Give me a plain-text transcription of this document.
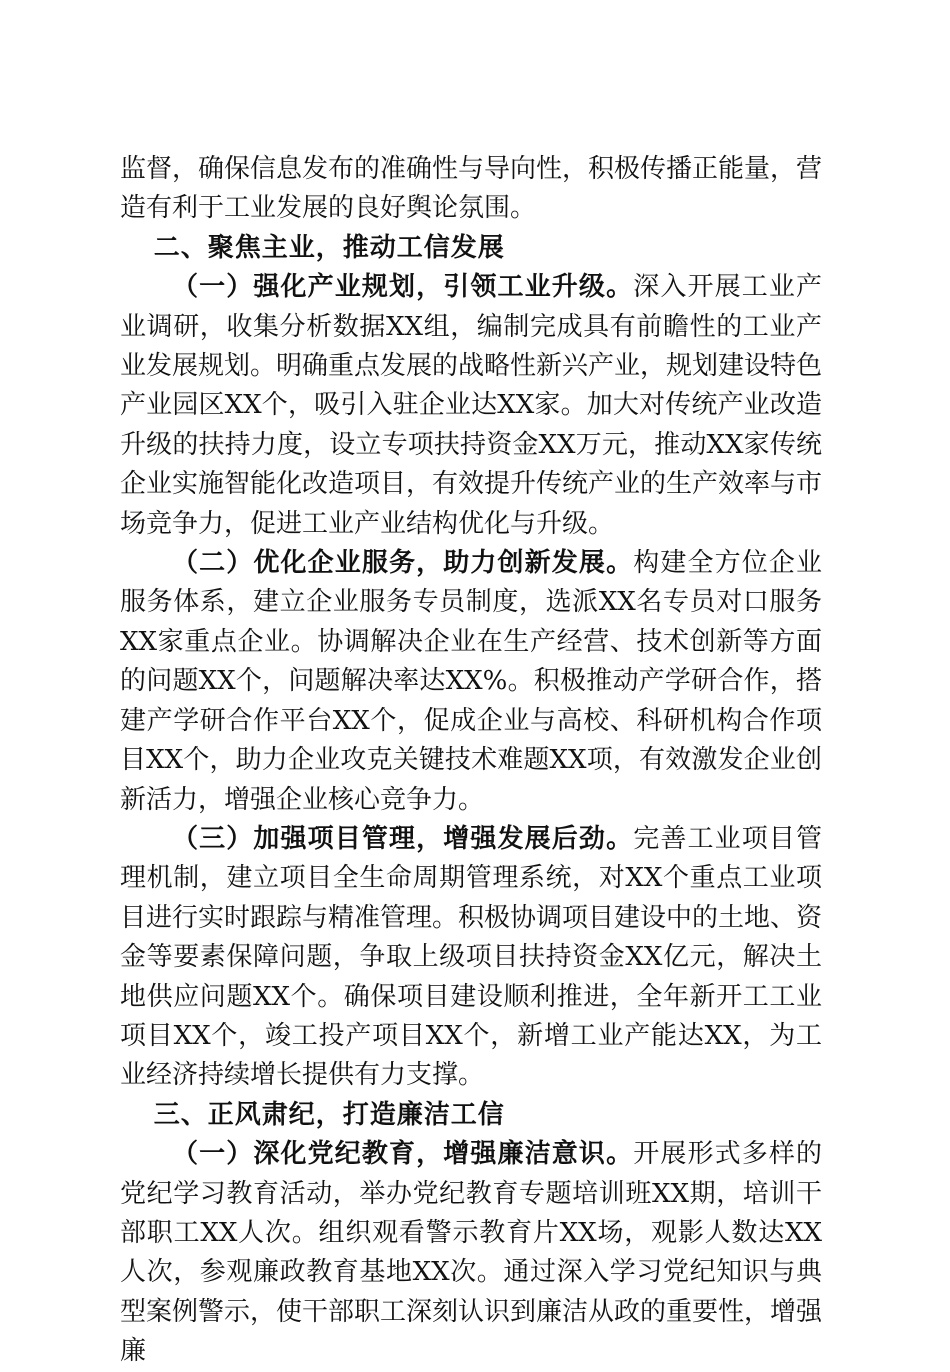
监督，确保信息发布的准确性与导向性，积极传播正能量，营造有利于工业发展的良好舆论氛围。

二、聚焦主业，推动工信发展

（一）强化产业规划，引领工业升级。深入开展工业产业调研，收集分析数据XX组，编制完成具有前瞻性的工业产业发展规划。明确重点发展的战略性新兴产业，规划建设特色产业园区XX个，吸引入驻企业达XX家。加大对传统产业改造升级的扶持力度，设立专项扶持资金XX万元，推动XX家传统企业实施智能化改造项目，有效提升传统产业的生产效率与市场竞争力，促进工业产业结构优化与升级。

（二）优化企业服务，助力创新发展。构建全方位企业服务体系，建立企业服务专员制度，选派XX名专员对口服务XX家重点企业。协调解决企业在生产经营、技术创新等方面的问题XX个，问题解决率达XX%。积极推动产学研合作，搭建产学研合作平台XX个，促成企业与高校、科研机构合作项目XX个，助力企业攻克关键技术难题XX项，有效激发企业创新活力，增强企业核心竞争力。

（三）加强项目管理，增强发展后劲。完善工业项目管理机制，建立项目全生命周期管理系统，对XX个重点工业项目进行实时跟踪与精准管理。积极协调项目建设中的土地、资金等要素保障问题，争取上级项目扶持资金XX亿元，解决土地供应问题XX个。确保项目建设顺利推进，全年新开工工业项目XX个，竣工投产项目XX个，新增工业产能达XX，为工业经济持续增长提供有力支撑。

三、正风肃纪，打造廉洁工信

（一）深化党纪教育，增强廉洁意识。开展形式多样的党纪学习教育活动，举办党纪教育专题培训班XX期，培训干部职工XX人次。组织观看警示教育片XX场，观影人数达XX人次，参观廉政教育基地XX次。通过深入学习党纪知识与典型案例警示，使干部职工深刻认识到廉洁从政的重要性，增强廉
